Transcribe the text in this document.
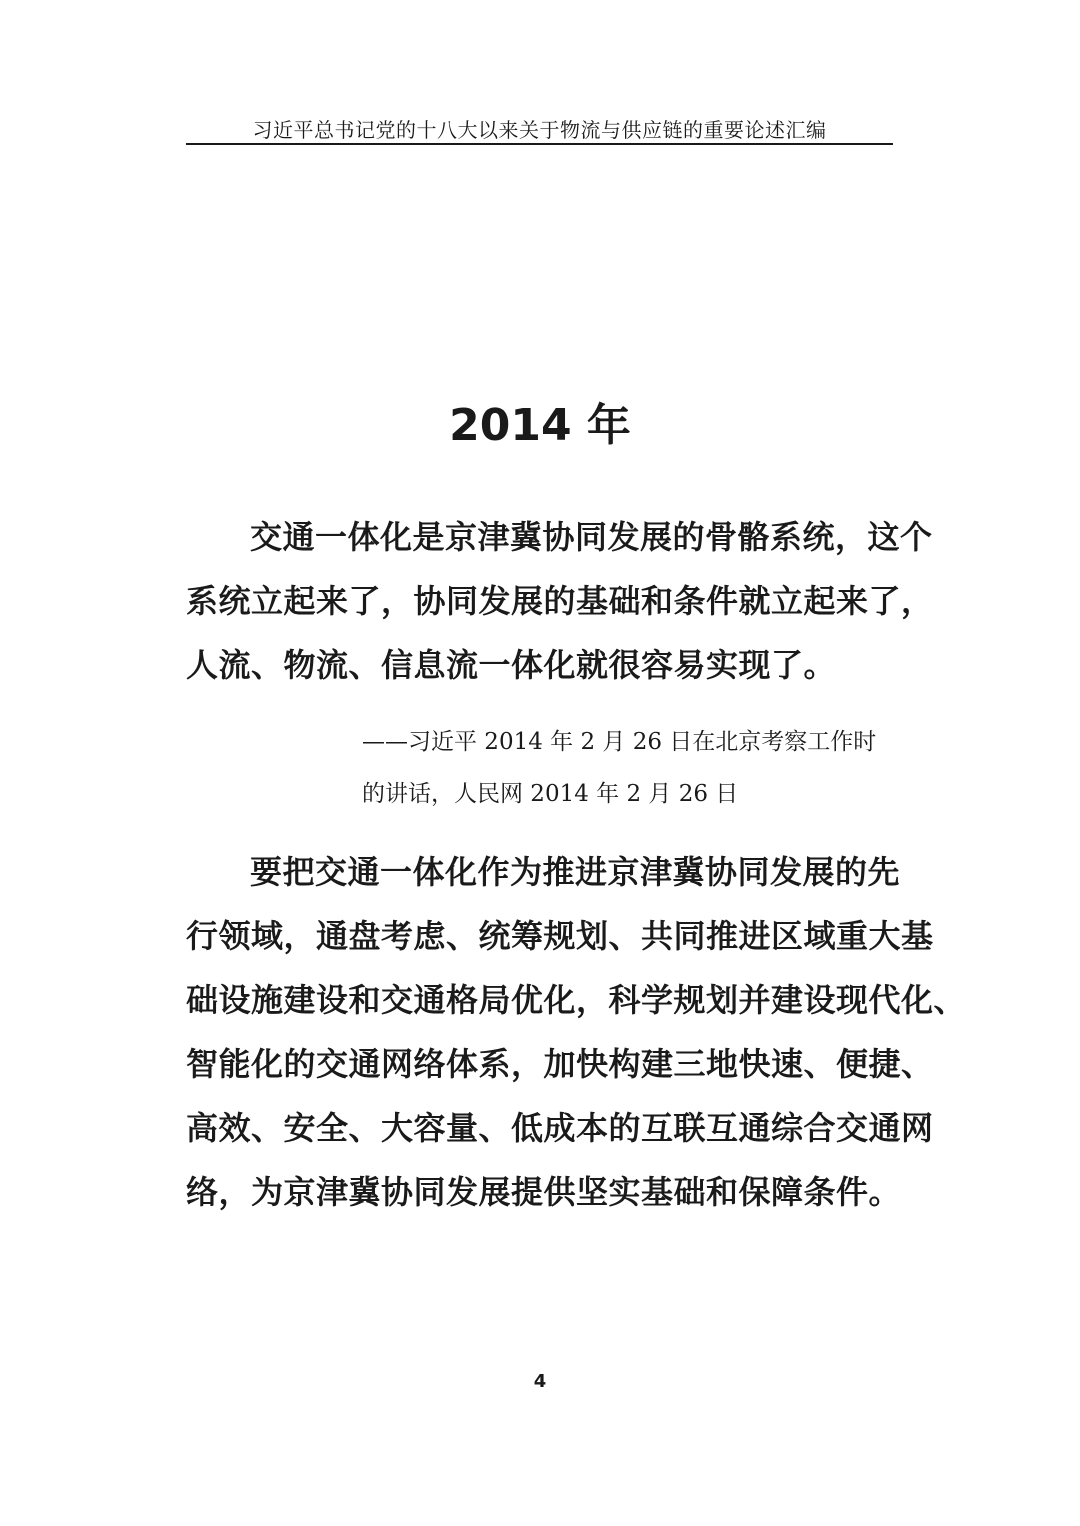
习近平总书记党的十八大以来关于物流与供应链的重要论述汇编
2014 年
交通一体化是京津冀协同发展的骨骼系统，这个
系统立起来了，协同发展的基础和条件就立起来了，
人流、物流、信息流一体化就很容易实现了。
——习近平 2014 年 2 月 26 日在北京考察工作时
的讲话，人民网 2014 年 2 月 26 日
要把交通一体化作为推进京津冀协同发展的先
行领域，通盘考虑、统筹规划、共同推进区域重大基
础设施建设和交通格局优化，科学规划并建设现代化、
智能化的交通网络体系，加快构建三地快速、便捷、
高效、安全、大容量、低成本的互联互通综合交通网
络，为京津冀协同发展提供坚实基础和保障条件。
4
